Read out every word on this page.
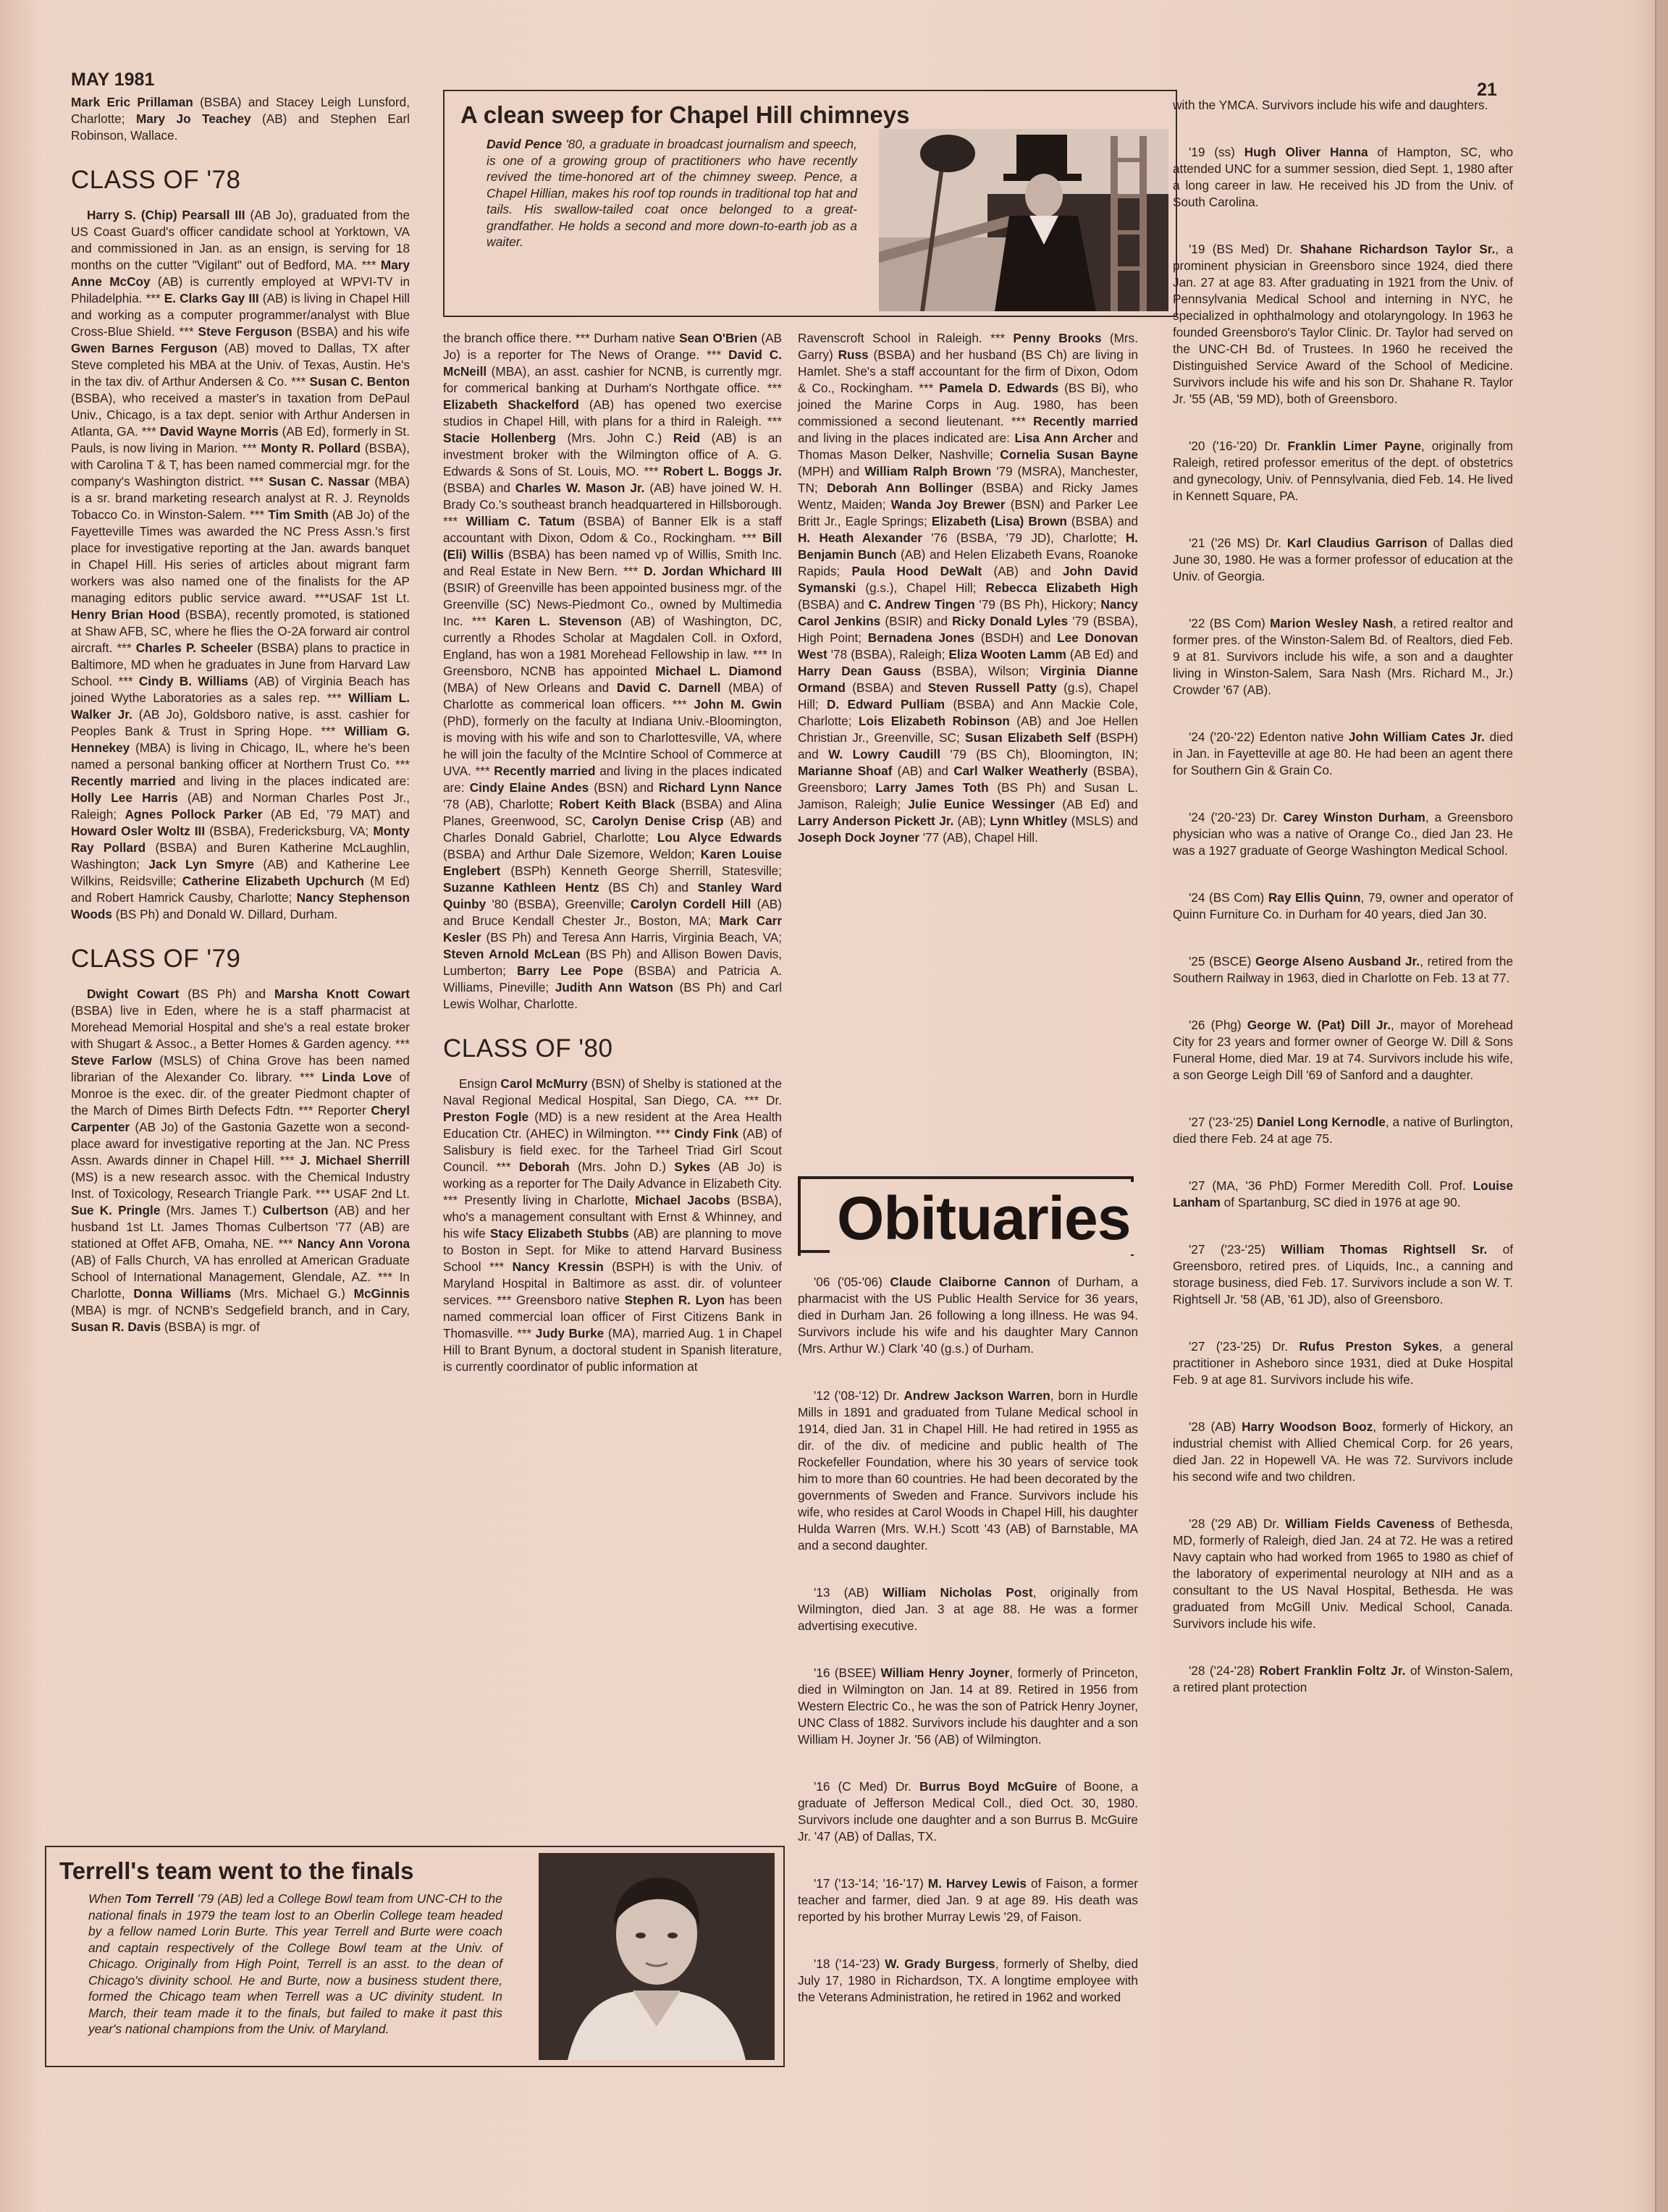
MAY 1981	21

Mark Eric Prillaman (BSBA) and Stacey Leigh Lunsford, Charlotte; Mary Jo Teachey (AB) and Stephen Earl Robinson, Wallace.

CLASS OF '78

Harry S. (Chip) Pearsall III (AB Jo), graduated from the US Coast Guard's officer candidate school at Yorktown, VA and commissioned in Jan. as an ensign, is serving for 18 months on the cutter "Vigilant" out of Bedford, MA. *** Mary Anne McCoy (AB) is currently employed at WPVI-TV in Philadelphia. *** E. Clarks Gay III (AB) is living in Chapel Hill and working as a computer programmer/analyst with Blue Cross-Blue Shield. *** Steve Ferguson (BSBA) and his wife Gwen Barnes Ferguson (AB) moved to Dallas, TX after Steve completed his MBA at the Univ. of Texas, Austin. He's in the tax div. of Arthur Andersen & Co. *** Susan C. Benton (BSBA), who received a master's in taxation from DePaul Univ., Chicago, is a tax dept. senior with Arthur Andersen in Atlanta, GA. *** David Wayne Morris (AB Ed), formerly in St. Pauls, is now living in Marion. *** Monty R. Pollard (BSBA), with Carolina T & T, has been named commercial mgr. for the company's Washington district. *** Susan C. Nassar (MBA) is a sr. brand marketing research analyst at R. J. Reynolds Tobacco Co. in Winston-Salem. *** Tim Smith (AB Jo) of the Fayetteville Times was awarded the NC Press Assn.'s first place for investigative reporting at the Jan. awards banquet in Chapel Hill. His series of articles about migrant farm workers was also named one of the finalists for the AP managing editors public service award. ***USAF 1st Lt. Henry Brian Hood (BSBA), recently promoted, is stationed at Shaw AFB, SC, where he flies the O-2A forward air control aircraft. *** Charles P. Scheeler (BSBA) plans to practice in Baltimore, MD when he graduates in June from Harvard Law School. *** Cindy B. Williams (AB) of Virginia Beach has joined Wythe Laboratories as a sales rep. *** William L. Walker Jr. (AB Jo), Goldsboro native, is asst. cashier for Peoples Bank & Trust in Spring Hope. *** William G. Hennekey (MBA) is living in Chicago, IL, where he's been named a personal banking officer at Northern Trust Co. *** Recently married and living in the places indicated are: Holly Lee Harris (AB) and Norman Charles Post Jr., Raleigh; Agnes Pollock Parker (AB Ed, '79 MAT) and Howard Osler Woltz III (BSBA), Fredericksburg, VA; Monty Ray Pollard (BSBA) and Buren Katherine McLaughlin, Washington; Jack Lyn Smyre (AB) and Katherine Lee Wilkins, Reidsville; Catherine Elizabeth Upchurch (M Ed) and Robert Hamrick Causby, Charlotte; Nancy Stephenson Woods (BS Ph) and Donald W. Dillard, Durham.

CLASS OF '79

Dwight Cowart (BS Ph) and Marsha Knott Cowart (BSBA) live in Eden, where he is a staff pharmacist at Morehead Memorial Hospital and she's a real estate broker with Shugart & Assoc., a Better Homes & Garden agency. *** Steve Farlow (MSLS) of China Grove has been named librarian of the Alexander Co. library. *** Linda Love of Monroe is the exec. dir. of the greater Piedmont chapter of the March of Dimes Birth Defects Fdtn. *** Reporter Cheryl Carpenter (AB Jo) of the Gastonia Gazette won a second-place award for investigative reporting at the Jan. NC Press Assn. Awards dinner in Chapel Hill. *** J. Michael Sherrill (MS) is a new research assoc. with the Chemical Industry Inst. of Toxicology, Research Triangle Park. *** USAF 2nd Lt. Sue K. Pringle (Mrs. James T.) Culbertson (AB) and her husband 1st Lt. James Thomas Culbertson '77 (AB) are stationed at Offet AFB, Omaha, NE. *** Nancy Ann Vorona (AB) of Falls Church, VA has enrolled at American Graduate School of International Management, Glendale, AZ. *** In Charlotte, Donna Williams (Mrs. Michael G.) McGinnis (MBA) is mgr. of NCNB's Sedgefield branch, and in Cary, Susan R. Davis (BSBA) is mgr. of

A clean sweep for Chapel Hill chimneys
David Pence '80, a graduate in broadcast journalism and speech, is one of a growing group of practitioners who have recently revived the time-honored art of the chimney sweep. Pence, a Chapel Hillian, makes his roof top rounds in traditional top hat and tails. His swallow-tailed coat once belonged to a great-grandfather. He holds a second and more down-to-earth job as a waiter.

the branch office there. *** Durham native Sean O'Brien (AB Jo) is a reporter for The News of Orange. *** David C. McNeill (MBA), an asst. cashier for NCNB, is currently mgr. for commerical banking at Durham's Northgate office. *** Elizabeth Shackelford (AB) has opened two exercise studios in Chapel Hill, with plans for a third in Raleigh. *** Stacie Hollenberg (Mrs. John C.) Reid (AB) is an investment broker with the Wilmington office of A. G. Edwards & Sons of St. Louis, MO. *** Robert L. Boggs Jr. (BSBA) and Charles W. Mason Jr. (AB) have joined W. H. Brady Co.'s southeast branch headquartered in Hillsborough. *** William C. Tatum (BSBA) of Banner Elk is a staff accountant with Dixon, Odom & Co., Rockingham. *** Bill (Eli) Willis (BSBA) has been named vp of Willis, Smith Inc. and Real Estate in New Bern. *** D. Jordan Whichard III (BSIR) of Greenville has been appointed business mgr. of the Greenville (SC) News-Piedmont Co., owned by Multimedia Inc. *** Karen L. Stevenson (AB) of Washington, DC, currently a Rhodes Scholar at Magdalen Coll. in Oxford, England, has won a 1981 Morehead Fellowship in law. *** In Greensboro, NCNB has appointed Michael L. Diamond (MBA) of New Orleans and David C. Darnell (MBA) of Charlotte as commerical loan officers. *** John M. Gwin (PhD), formerly on the faculty at Indiana Univ.-Bloomington, is moving with his wife and son to Charlottesville, VA, where he will join the faculty of the McIntire School of Commerce at UVA. *** Recently married and living in the places indicated are: Cindy Elaine Andes (BSN) and Richard Lynn Nance '78 (AB), Charlotte; Robert Keith Black (BSBA) and Alina Planes, Greenwood, SC, Carolyn Denise Crisp (AB) and Charles Donald Gabriel, Charlotte; Lou Alyce Edwards (BSBA) and Arthur Dale Sizemore, Weldon; Karen Louise Englebert (BSPh) Kenneth George Sherrill, Statesville; Suzanne Kathleen Hentz (BS Ch) and Stanley Ward Quinby '80 (BSBA), Greenville; Carolyn Cordell Hill (AB) and Bruce Kendall Chester Jr., Boston, MA; Mark Carr Kesler (BS Ph) and Teresa Ann Harris, Virginia Beach, VA; Steven Arnold McLean (BS Ph) and Allison Bowen Davis, Lumberton; Barry Lee Pope (BSBA) and Patricia A. Williams, Pineville; Judith Ann Watson (BS Ph) and Carl Lewis Wolhar, Charlotte.

CLASS OF '80

Ensign Carol McMurry (BSN) of Shelby is stationed at the Naval Regional Medical Hospital, San Diego, CA. *** Dr. Preston Fogle (MD) is a new resident at the Area Health Education Ctr. (AHEC) in Wilmington. *** Cindy Fink (AB) of Salisbury is field exec. for the Tarheel Triad Girl Scout Council. *** Deborah (Mrs. John D.) Sykes (AB Jo) is working as a reporter for The Daily Advance in Elizabeth City. *** Presently living in Charlotte, Michael Jacobs (BSBA), who's a management consultant with Ernst & Whinney, and his wife Stacy Elizabeth Stubbs (AB) are planning to move to Boston in Sept. for Mike to attend Harvard Business School *** Nancy Kressin (BSPH) is with the Univ. of Maryland Hospital in Baltimore as asst. dir. of volunteer services. *** Greensboro native Stephen R. Lyon has been named commercial loan officer of First Citizens Bank in Thomasville. *** Judy Burke (MA), married Aug. 1 in Chapel Hill to Brant Bynum, a doctoral student in Spanish literature, is currently coordinator of public information at

Ravenscroft School in Raleigh. *** Penny Brooks (Mrs. Garry) Russ (BSBA) and her husband (BS Ch) are living in Hamlet. She's a staff accountant for the firm of Dixon, Odom & Co., Rockingham. *** Pamela D. Edwards (BS Bi), who joined the Marine Corps in Aug. 1980, has been commissioned a second lieutenant. *** Recently married and living in the places indicated are: Lisa Ann Archer and Thomas Mason Delker, Nashville; Cornelia Susan Bayne (MPH) and William Ralph Brown '79 (MSRA), Manchester, TN; Deborah Ann Bollinger (BSBA) and Ricky James Wentz, Maiden; Wanda Joy Brewer (BSN) and Parker Lee Britt Jr., Eagle Springs; Elizabeth (Lisa) Brown (BSBA) and H. Heath Alexander '76 (BSBA, '79 JD), Charlotte; H. Benjamin Bunch (AB) and Helen Elizabeth Evans, Roanoke Rapids; Paula Hood DeWalt (AB) and John David Symanski (g.s.), Chapel Hill; Rebecca Elizabeth High (BSBA) and C. Andrew Tingen '79 (BS Ph), Hickory; Nancy Carol Jenkins (BSIR) and Ricky Donald Lyles '79 (BSBA), High Point; Bernadena Jones (BSDH) and Lee Donovan West '78 (BSBA), Raleigh; Eliza Wooten Lamm (AB Ed) and Harry Dean Gauss (BSBA), Wilson; Virginia Dianne Ormand (BSBA) and Steven Russell Patty (g.s), Chapel Hill; D. Edward Pulliam (BSBA) and Ann Mackie Cole, Charlotte; Lois Elizabeth Robinson (AB) and Joe Hellen Christian Jr., Greenville, SC; Susan Elizabeth Self (BSPH) and W. Lowry Caudill '79 (BS Ch), Bloomington, IN; Marianne Shoaf (AB) and Carl Walker Weatherly (BSBA), Greensboro; Larry James Toth (BS Ph) and Susan L. Jamison, Raleigh; Julie Eunice Wessinger (AB Ed) and Larry Anderson Pickett Jr. (AB); Lynn Whitley (MSLS) and Joseph Dock Joyner '77 (AB), Chapel Hill.

Obituaries

'06 ('05-'06) Claude Claiborne Cannon of Durham, a pharmacist with the US Public Health Service for 36 years, died in Durham Jan. 26 following a long illness. He was 94. Survivors include his wife and his daughter Mary Cannon (Mrs. Arthur W.) Clark '40 (g.s.) of Durham.

'12 ('08-'12) Dr. Andrew Jackson Warren, born in Hurdle Mills in 1891 and graduated from Tulane Medical school in 1914, died Jan. 31 in Chapel Hill. He had retired in 1955 as dir. of the div. of medicine and public health of The Rockefeller Foundation, where his 30 years of service took him to more than 60 countries. He had been decorated by the governments of Sweden and France. Survivors include his wife, who resides at Carol Woods in Chapel Hill, his daughter Hulda Warren (Mrs. W.H.) Scott '43 (AB) of Barnstable, MA and a second daughter.

'13 (AB) William Nicholas Post, originally from Wilmington, died Jan. 3 at age 88. He was a former advertising executive.

'16 (BSEE) William Henry Joyner, formerly of Princeton, died in Wilmington on Jan. 14 at 89. Retired in 1956 from Western Electric Co., he was the son of Patrick Henry Joyner, UNC Class of 1882. Survivors include his daughter and a son William H. Joyner Jr. '56 (AB) of Wilmington.

'16 (C Med) Dr. Burrus Boyd McGuire of Boone, a graduate of Jefferson Medical Coll., died Oct. 30, 1980. Survivors include one daughter and a son Burrus B. McGuire Jr. '47 (AB) of Dallas, TX.

'17 ('13-'14; '16-'17) M. Harvey Lewis of Faison, a former teacher and farmer, died Jan. 9 at age 89. His death was reported by his brother Murray Lewis '29, of Faison.

'18 ('14-'23) W. Grady Burgess, formerly of Shelby, died July 17, 1980 in Richardson, TX. A longtime employee with the Veterans Administration, he retired in 1962 and worked

Terrell's team went to the finals
When Tom Terrell '79 (AB) led a College Bowl team from UNC-CH to the national finals in 1979 the team lost to an Oberlin College team headed by a fellow named Lorin Burte. This year Terrell and Burte were coach and captain respectively of the College Bowl team at the Univ. of Chicago. Originally from High Point, Terrell is an asst. to the dean of Chicago's divinity school. He and Burte, now a business student there, formed the Chicago team when Terrell was a UC divinity student. In March, their team made it to the finals, but failed to make it past this year's national champions from the Univ. of Maryland.

with the YMCA. Survivors include his wife and daughters.

'19 (ss) Hugh Oliver Hanna of Hampton, SC, who attended UNC for a summer session, died Sept. 1, 1980 after a long career in law. He received his JD from the Univ. of South Carolina.

'19 (BS Med) Dr. Shahane Richardson Taylor Sr., a prominent physician in Greensboro since 1924, died there Jan. 27 at age 83. After graduating in 1921 from the Univ. of Pennsylvania Medical School and interning in NYC, he specialized in ophthalmology and otolaryngology. In 1963 he founded Greensboro's Taylor Clinic. Dr. Taylor had served on the UNC-CH Bd. of Trustees. In 1960 he received the Distinguished Service Award of the School of Medicine. Survivors include his wife and his son Dr. Shahane R. Taylor Jr. '55 (AB, '59 MD), both of Greensboro.

'20 ('16-'20) Dr. Franklin Limer Payne, originally from Raleigh, retired professor emeritus of the dept. of obstetrics and gynecology, Univ. of Pennsylvania, died Feb. 14. He lived in Kennett Square, PA.

'21 ('26 MS) Dr. Karl Claudius Garrison of Dallas died June 30, 1980. He was a former professor of education at the Univ. of Georgia.

'22 (BS Com) Marion Wesley Nash, a retired realtor and former pres. of the Winston-Salem Bd. of Realtors, died Feb. 9 at 81. Survivors include his wife, a son and a daughter living in Winston-Salem, Sara Nash (Mrs. Richard M., Jr.) Crowder '67 (AB).

'24 ('20-'22) Edenton native John William Cates Jr. died in Jan. in Fayetteville at age 80. He had been an agent there for Southern Gin & Grain Co.

'24 ('20-'23) Dr. Carey Winston Durham, a Greensboro physician who was a native of Orange Co., died Jan 23. He was a 1927 graduate of George Washington Medical School.

'24 (BS Com) Ray Ellis Quinn, 79, owner and operator of Quinn Furniture Co. in Durham for 40 years, died Jan 30.

'25 (BSCE) George Alseno Ausband Jr., retired from the Southern Railway in 1963, died in Charlotte on Feb. 13 at 77.

'26 (Phg) George W. (Pat) Dill Jr., mayor of Morehead City for 23 years and former owner of George W. Dill & Sons Funeral Home, died Mar. 19 at 74. Survivors include his wife, a son George Leigh Dill '69 of Sanford and a daughter.

'27 ('23-'25) Daniel Long Kernodle, a native of Burlington, died there Feb. 24 at age 75.

'27 (MA, '36 PhD) Former Meredith Coll. Prof. Louise Lanham of Spartanburg, SC died in 1976 at age 90.

'27 ('23-'25) William Thomas Rightsell Sr. of Greensboro, retired pres. of Liquids, Inc., a canning and storage business, died Feb. 17. Survivors include a son W. T. Rightsell Jr. '58 (AB, '61 JD), also of Greensboro.

'27 ('23-'25) Dr. Rufus Preston Sykes, a general practitioner in Asheboro since 1931, died at Duke Hospital Feb. 9 at age 81. Survivors include his wife.

'28 (AB) Harry Woodson Booz, formerly of Hickory, an industrial chemist with Allied Chemical Corp. for 26 years, died Jan. 22 in Hopewell VA. He was 72. Survivors include his second wife and two children.

'28 ('29 AB) Dr. William Fields Caveness of Bethesda, MD, formerly of Raleigh, died Jan. 24 at 72. He was a retired Navy captain who had worked from 1965 to 1980 as chief of the laboratory of experimental neurology at NIH and as a consultant to the US Naval Hospital, Bethesda. He was graduated from McGill Univ. Medical School, Canada. Survivors include his wife.

'28 ('24-'28) Robert Franklin Foltz Jr. of Winston-Salem, a retired plant protection
